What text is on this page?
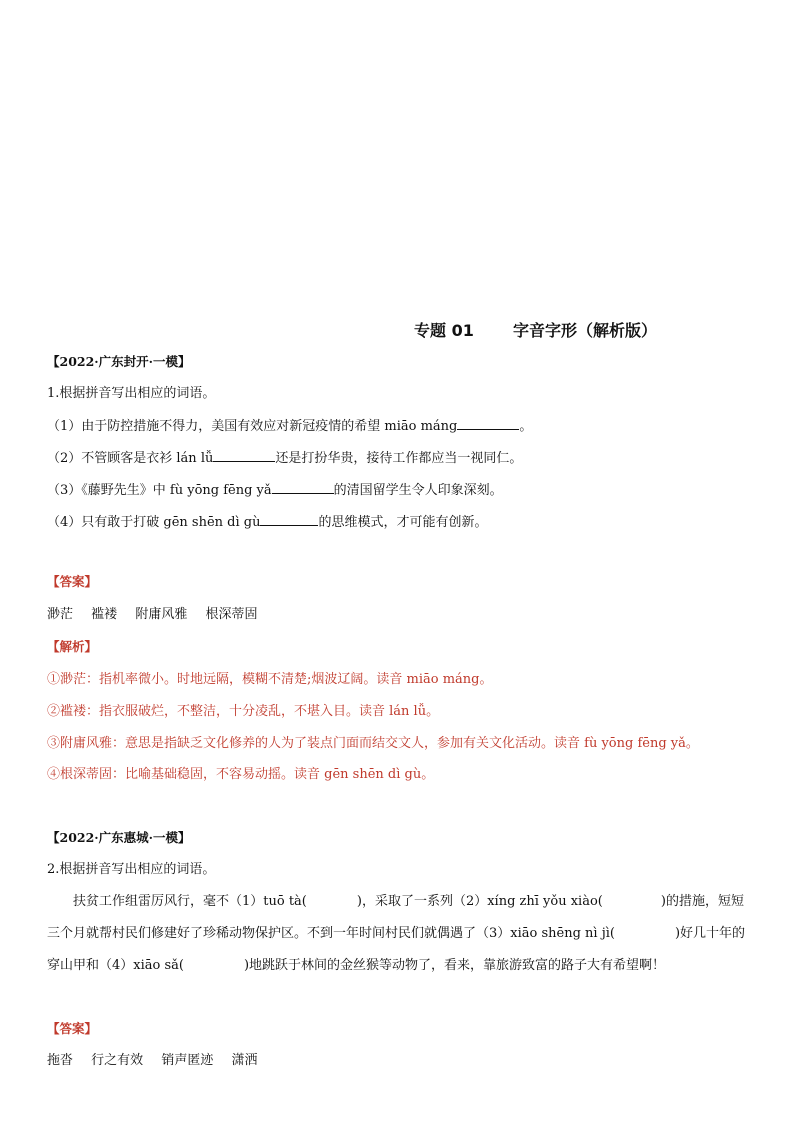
专题 01 字音字形（解析版）
【2022·广东封开·一模】
1.根据拼音写出相应的词语。
（1）由于防控措施不得力，美国有效应对新冠疫情的希望 miāo máng	。
（2）不管顾客是衣衫 lán lǚ	还是打扮华贵，接待工作都应当一视同仁。
（3）《藤野先生》中 fù yōng fēng yǎ	的清国留学生令人印象深刻。
（4）只有敢于打破 gēn shēn dì gù	的思维模式，才可能有创新。
【答案】
渺茫 褴褛 附庸风雅 根深蒂固
【解析】
①渺茫：指机率微小。时地远隔，模糊不清楚;烟波辽阔。读音 miāo máng。
②褴褛：指衣服破烂，不整洁，十分凌乱，不堪入目。读音 lán lǚ。
③附庸风雅：意思是指缺乏文化修养的人为了装点门面而结交文人，参加有关文化活动。读音 fù yōng fēng yǎ。
④根深蒂固：比喻基础稳固，不容易动摇。读音 gēn shēn dì gù。
【2022·广东惠城·一模】
2.根据拼音写出相应的词语。
扶贫工作组雷厉风行，毫不（1）tuō tà(	)，采取了一系列（2）xíng zhī yǒu xiào(	)的措施，短短三个月就帮村民们修建好了珍稀动物保护区。不到一年时间村民们就偶遇了（3）xiāo shēng nì jì(	)好几十年的穿山甲和（4）xiāo sǎ(	)地跳跃于林间的金丝猴等动物了，看来，靠旅游致富的路子大有希望啊！
【答案】
拖沓 行之有效 销声匿迹 潇洒
